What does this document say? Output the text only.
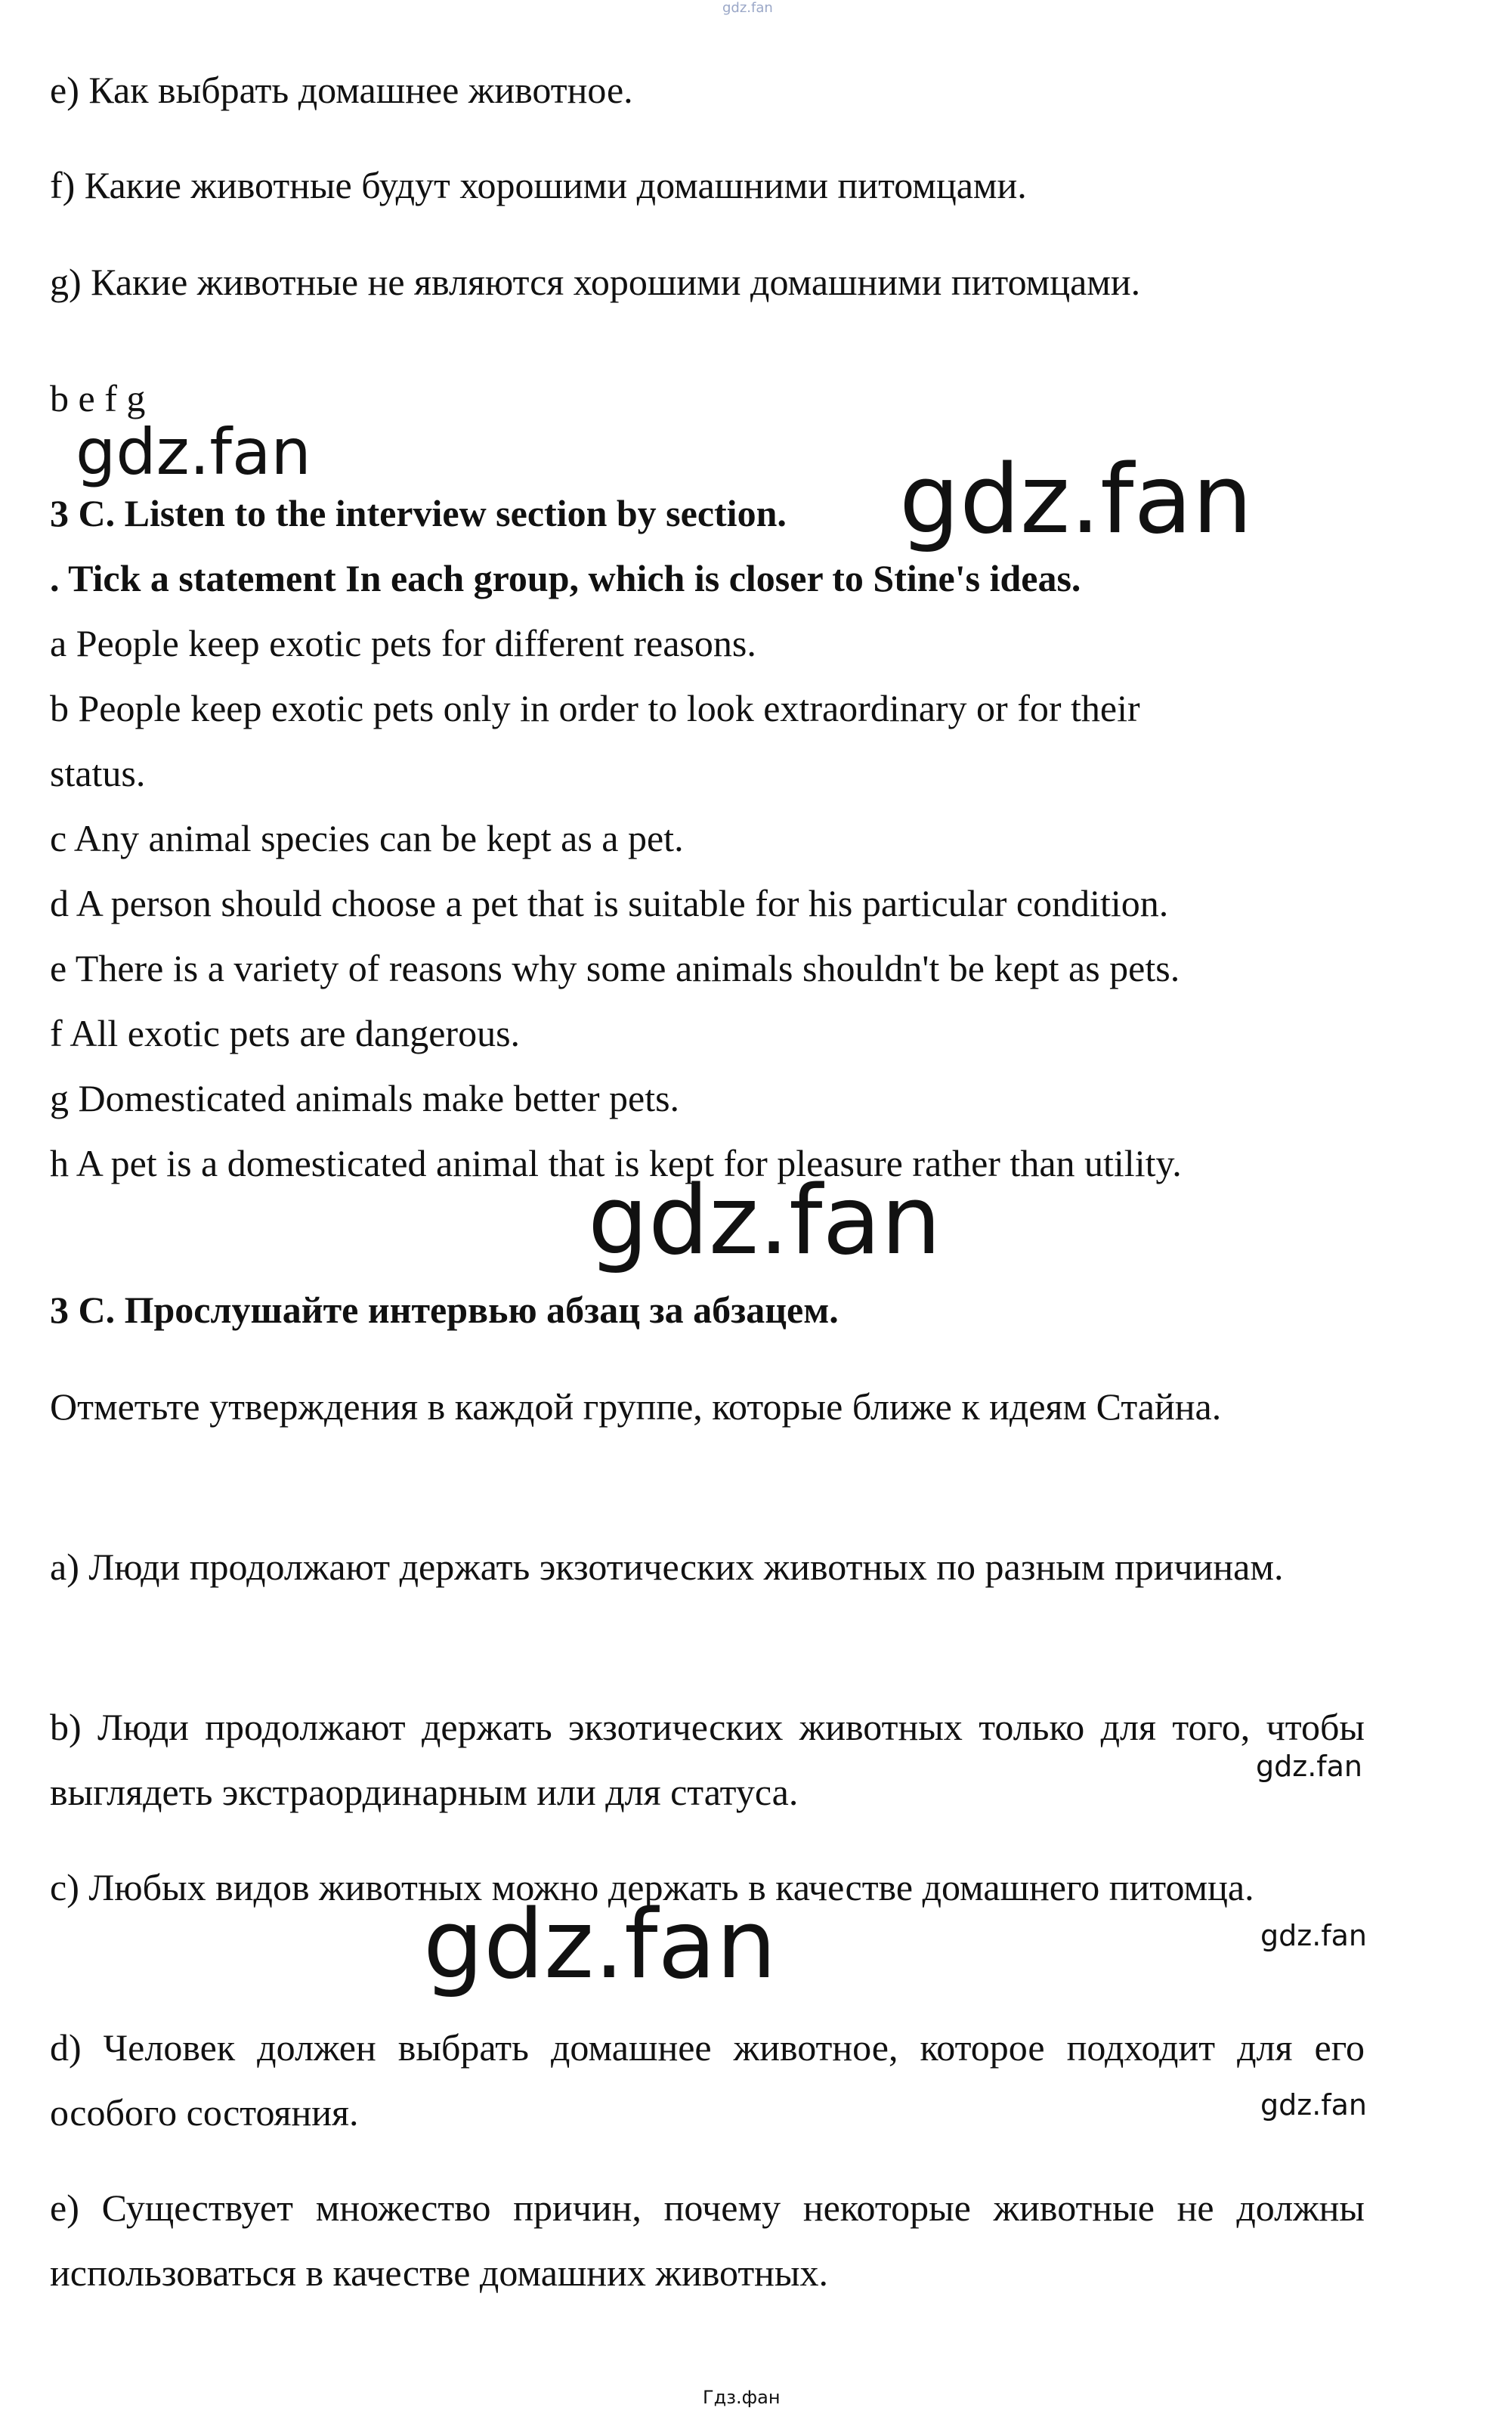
gdz.fan
e) Как выбрать домашнее животное.
f) Какие животные будут хорошими домашними питомцами.
g) Какие животные не являются хорошими домашними питомцами.
b e f g
3 C. Listen to the interview section by section.
. Tick a statement In each group, which is closer to Stine's ideas.
a People keep exotic pets for different reasons.
b People keep exotic pets only in order to look extraordinary or for their
status.
c Any animal species can be kept as a pet.
d A person should choose a pet that is suitable for his particular condition.
e There is a variety of reasons why some animals shouldn't be kept as pets.
f All exotic pets are dangerous.
g Domesticated animals make better pets.
h A pet is a domesticated animal that is kept for pleasure rather than utility.
3 C. Прослушайте интервью абзац за абзацем.
Отметьте утверждения в каждой группе, которые ближе к идеям Стайна.
а) Люди продолжают держать экзотических животных по разным причинам.
b) Люди продолжают держать экзотических животных только для того, чтобы выглядеть экстраординарным или для статуса.
с) Любых видов животных можно держать в качестве домашнего питомца.
d) Человек должен выбрать домашнее животное, которое подходит для его особого состояния.
е) Существует множество причин, почему некоторые животные не должны использоваться в качестве домашних животных.
gdz.fan	gdz.fan
gdz.fan
gdz.fan
gdz.fan
gdz.fan
gdz.fan
Гдз.фан
